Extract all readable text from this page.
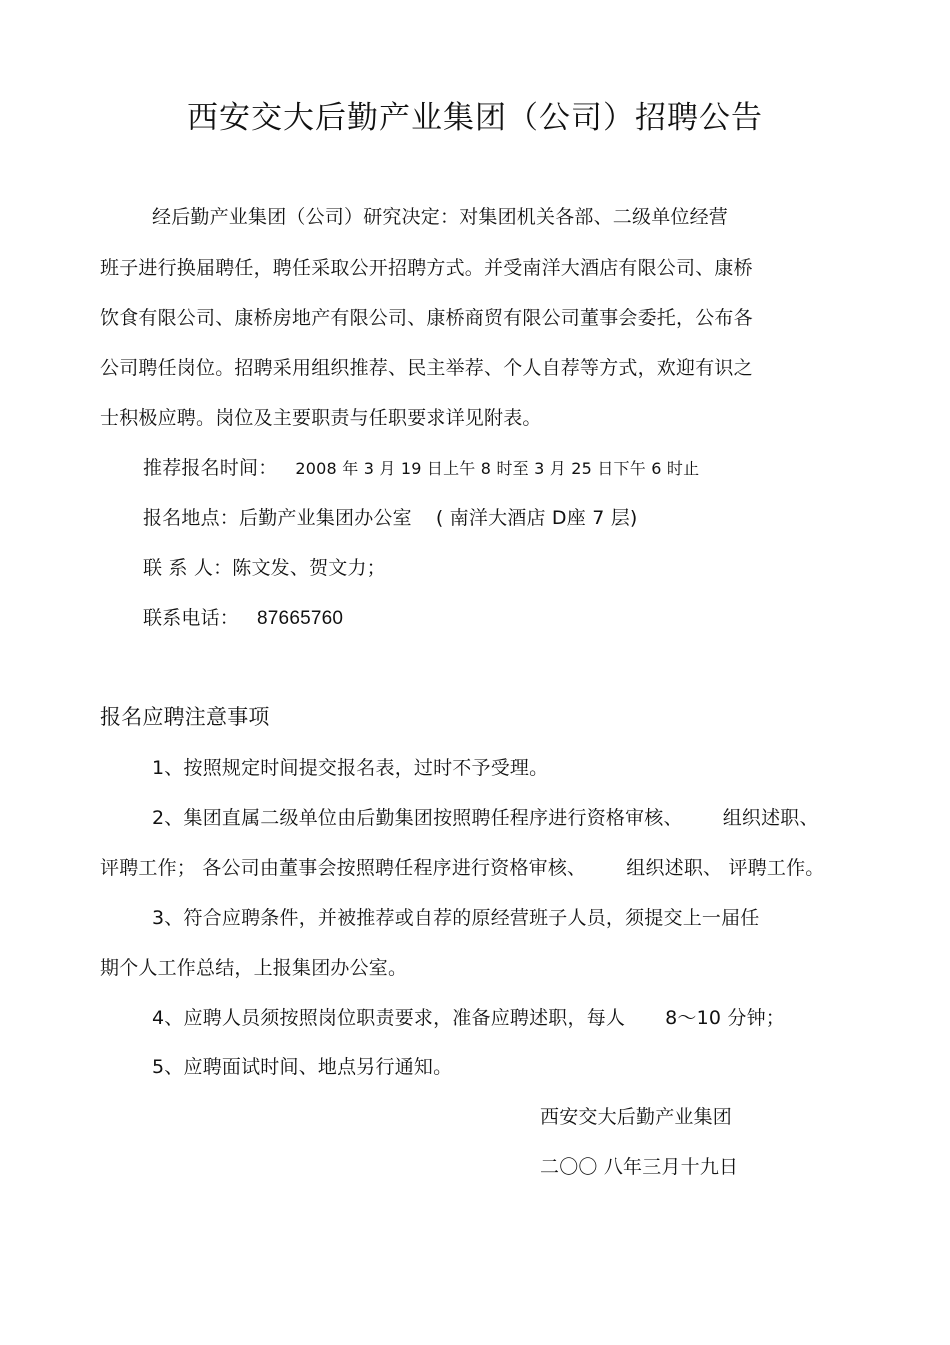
西安交大后勤产业集团（公司）招聘公告
经后勤产业集团（公司）研究决定：对集团机关各部、二级单位经营
班子进行换届聘任，聘任采取公开招聘方式。并受南洋大酒店有限公司、康桥
饮食有限公司、康桥房地产有限公司、康桥商贸有限公司董事会委托，公布各
公司聘任岗位。招聘采用组织推荐、民主举荐、个人自荐等方式，欢迎有识之
士积极应聘。岗位及主要职责与任职要求详见附表。
推荐报名时间： 2008 年 3 月 19 日上午 8 时至 3 月 25 日下午 6 时止
报名地点：后勤产业集团办公室 ( 南洋大酒店 D座 7 层)
联 系 人：陈文发、贺文力；
联系电话： 87665760
报名应聘注意事项
1、按照规定时间提交报名表，过时不予受理。
2、集团直属二级单位由后勤集团按照聘任程序进行资格审核、 组织述职、
评聘工作； 各公司由董事会按照聘任程序进行资格审核、 组织述职、 评聘工作。
3、符合应聘条件，并被推荐或自荐的原经营班子人员，须提交上一届任
期个人工作总结，上报集团办公室。
4、应聘人员须按照岗位职责要求，准备应聘述职，每人 8～10 分钟；
5、应聘面试时间、地点另行通知。
西安交大后勤产业集团
二〇〇 八年三月十九日
